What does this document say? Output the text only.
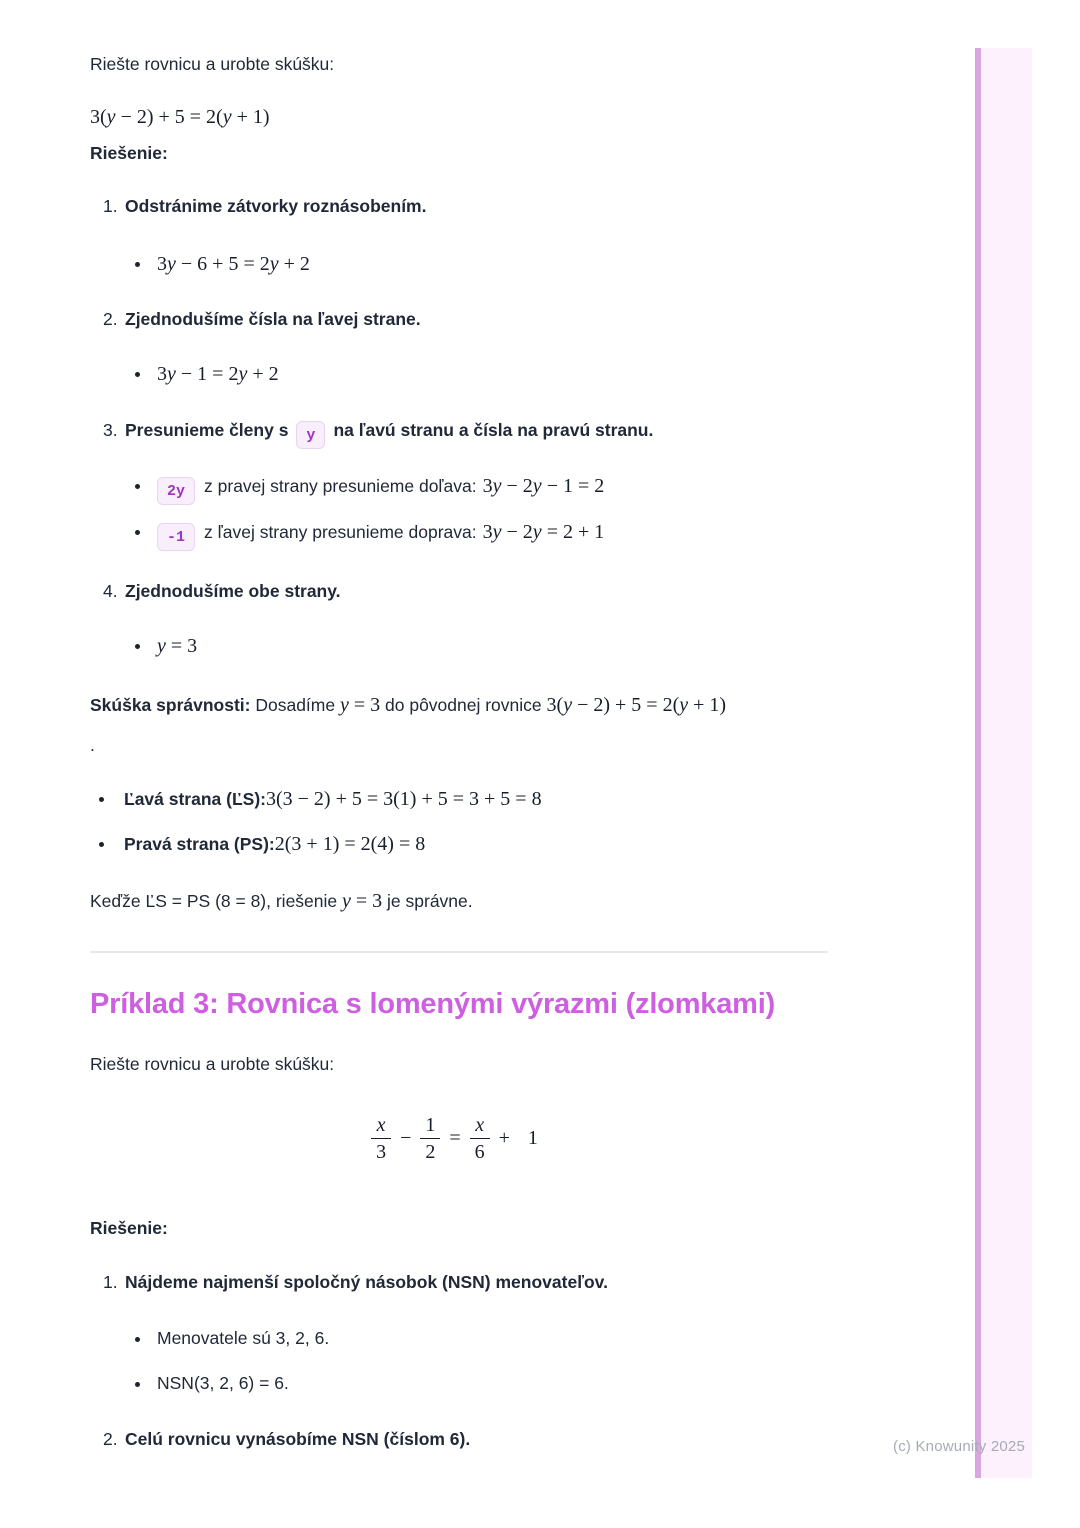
Riešte rovnicu a urobte skúšku:

3(y − 2) + 5 = 2(y + 1)

Riešenie:

1. Odstránime zátvorky roznásobením.
3y − 6 + 5 = 2y + 2
2. Zjednodušíme čísla na ľavej strane.
3y − 1 = 2y + 2
3. Presunieme členy s y na ľavú stranu a čísla na pravú stranu.
2y z pravej strany presunieme doľava: 3y − 2y − 1 = 2
-1 z ľavej strany presunieme doprava: 3y − 2y = 2 + 1
4. Zjednodušíme obe strany.
y = 3

Skúška správnosti: Dosadíme y = 3 do pôvodnej rovnice 3(y − 2) + 5 = 2(y + 1)

.

Ľavá strana (ĽS):3(3 − 2) + 5 = 3(1) + 5 = 3 + 5 = 8
Pravá strana (PS):2(3 + 1) = 2(4) = 8

Keďže ĽS = PS (8 = 8), riešenie y = 3 je správne.

Príklad 3: Rovnica s lomenými výrazmi (zlomkami)

Riešte rovnicu a urobte skúšku:

$\frac{x}{3} - \frac{1}{2} = \frac{x}{6} + 1$

Riešenie:

1. Nájdeme najmenší spoločný násobok (NSN) menovateľov.
Menovatele sú 3, 2, 6.
NSN(3, 2, 6) = 6.
2. Celú rovnicu vynásobíme NSN (číslom 6).	(c) Knowunity 2025
